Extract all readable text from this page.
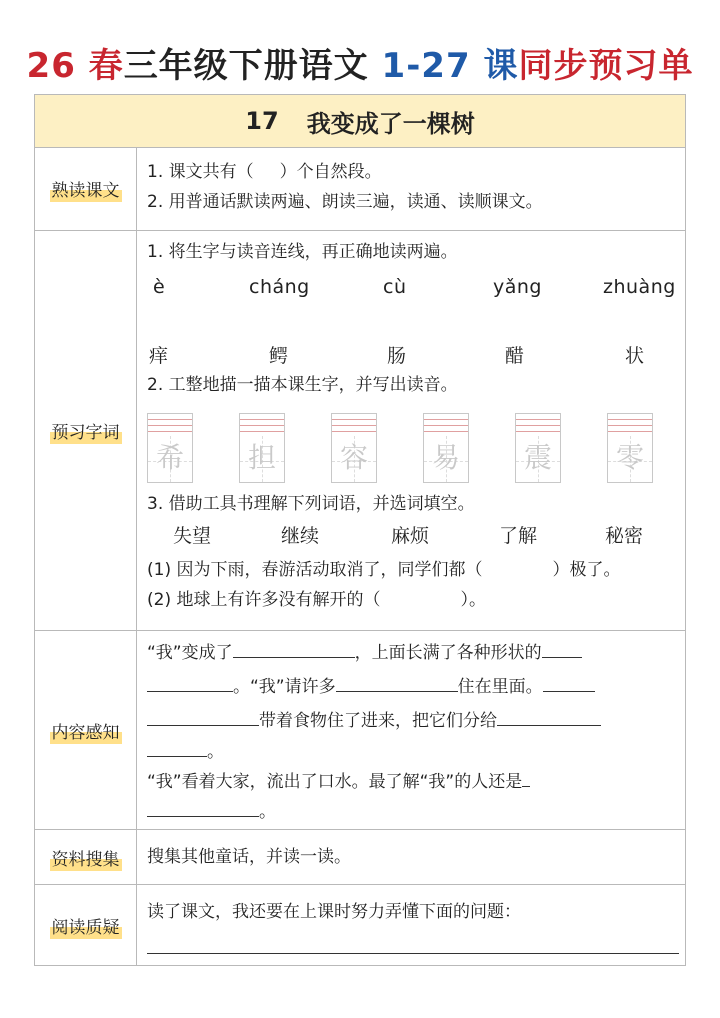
26 春三年级下册语文 1-27 课同步预习单
17 我变成了一棵树
熟读课文
1. 课文共有（ ）个自然段。
2. 用普通话默读两遍、朗读三遍，读通、读顺课文。
预习字词
1. 将生字与读音连线，再正确地读两遍。
è	cháng	cù	yǎng	zhuàng
痒	鳄	肠	醋	状
2. 工整地描一描本课生字，并写出读音。
希 担 容 易 震 零
3. 借助工具书理解下列词语，并选词填空。
失望	继续	麻烦	了解	秘密
(1) 因为下雨，春游活动取消了，同学们都（	）极了。
(2) 地球上有许多没有解开的（	）。
内容感知
“我”变成了	，上面长满了各种形状的
。“我”请许多	住在里面。
带着食物住了进来，把它们分给
。
“我”看着大家，流出了口水。最了解“我”的人还是
。
资料搜集 搜集其他童话，并读一读。
阅读质疑
读了课文，我还要在上课时努力弄懂下面的问题：
